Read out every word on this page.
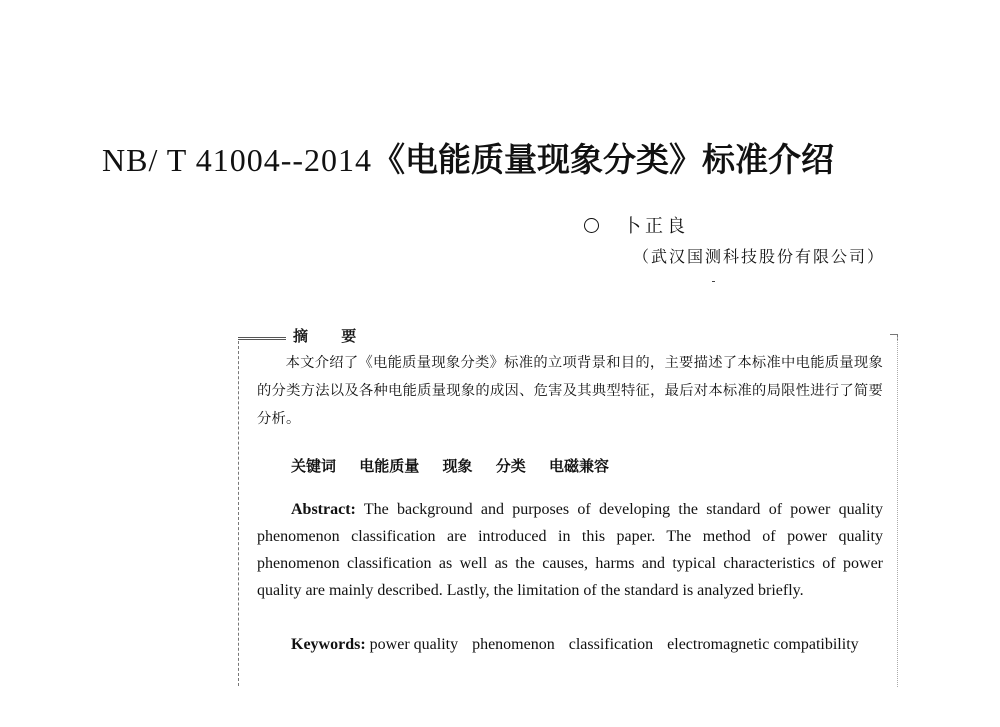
NB/ T 41004--2014《电能质量现象分类》标准介绍
卜正良
（武汉国测科技股份有限公司）
摘 要

本文介绍了《电能质量现象分类》标准的立项背景和目的，主要描述了本标准中电能质量现象的分类方法以及各种电能质量现象的成因、危害及其典型特征，最后对本标准的局限性进行了简要分析。

关键词 电能质量 现象 分类 电磁兼容

Abstract: The background and purposes of developing the standard of power quality phenomenon classification are introduced in this paper. The method of power quality phenomenon classification as well as the causes, harms and typical characteristics of power quality are mainly described. Lastly, the limitation of the standard is analyzed briefly.

Keywords: power quality phenomenon classification electromagnetic compatibility
